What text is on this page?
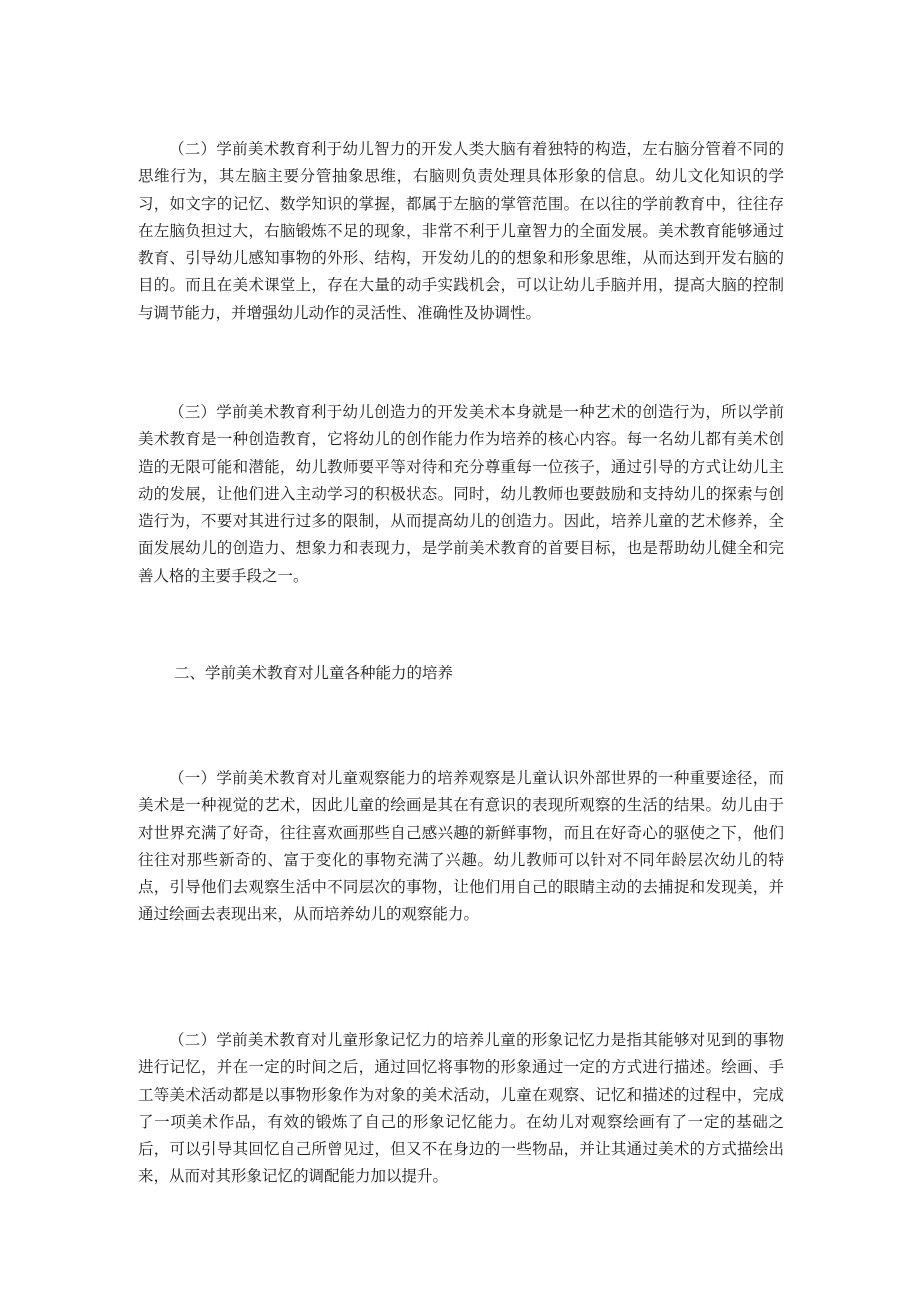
（二）学前美术教育利于幼儿智力的开发人类大脑有着独特的构造，左右脑分管着不同的思维行为，其左脑主要分管抽象思维，右脑则负责处理具体形象的信息。幼儿文化知识的学习，如文字的记忆、数学知识的掌握，都属于左脑的掌管范围。在以往的学前教育中，往往存在左脑负担过大，右脑锻炼不足的现象，非常不利于儿童智力的全面发展。美术教育能够通过教育、引导幼儿感知事物的外形、结构，开发幼儿的的想象和形象思维，从而达到开发右脑的目的。而且在美术课堂上，存在大量的动手实践机会，可以让幼儿手脑并用，提高大脑的控制与调节能力，并增强幼儿动作的灵活性、准确性及协调性。

（三）学前美术教育利于幼儿创造力的开发美术本身就是一种艺术的创造行为，所以学前美术教育是一种创造教育，它将幼儿的创作能力作为培养的核心内容。每一名幼儿都有美术创造的无限可能和潜能，幼儿教师要平等对待和充分尊重每一位孩子，通过引导的方式让幼儿主动的发展，让他们进入主动学习的积极状态。同时，幼儿教师也要鼓励和支持幼儿的探索与创造行为，不要对其进行过多的限制，从而提高幼儿的创造力。因此，培养儿童的艺术修养，全面发展幼儿的创造力、想象力和表现力，是学前美术教育的首要目标，也是帮助幼儿健全和完善人格的主要手段之一。

二、学前美术教育对儿童各种能力的培养

（一）学前美术教育对儿童观察能力的培养观察是儿童认识外部世界的一种重要途径，而美术是一种视觉的艺术，因此儿童的绘画是其在有意识的表现所观察的生活的结果。幼儿由于对世界充满了好奇，往往喜欢画那些自己感兴趣的新鲜事物，而且在好奇心的驱使之下，他们往往对那些新奇的、富于变化的事物充满了兴趣。幼儿教师可以针对不同年龄层次幼儿的特点，引导他们去观察生活中不同层次的事物，让他们用自己的眼睛主动的去捕捉和发现美，并通过绘画去表现出来，从而培养幼儿的观察能力。

（二）学前美术教育对儿童形象记忆力的培养儿童的形象记忆力是指其能够对见到的事物进行记忆，并在一定的时间之后，通过回忆将事物的形象通过一定的方式进行描述。绘画、手工等美术活动都是以事物形象作为对象的美术活动，儿童在观察、记忆和描述的过程中，完成了一项美术作品，有效的锻炼了自己的形象记忆能力。在幼儿对观察绘画有了一定的基础之后，可以引导其回忆自己所曾见过，但又不在身边的一些物品，并让其通过美术的方式描绘出来，从而对其形象记忆的调配能力加以提升。
